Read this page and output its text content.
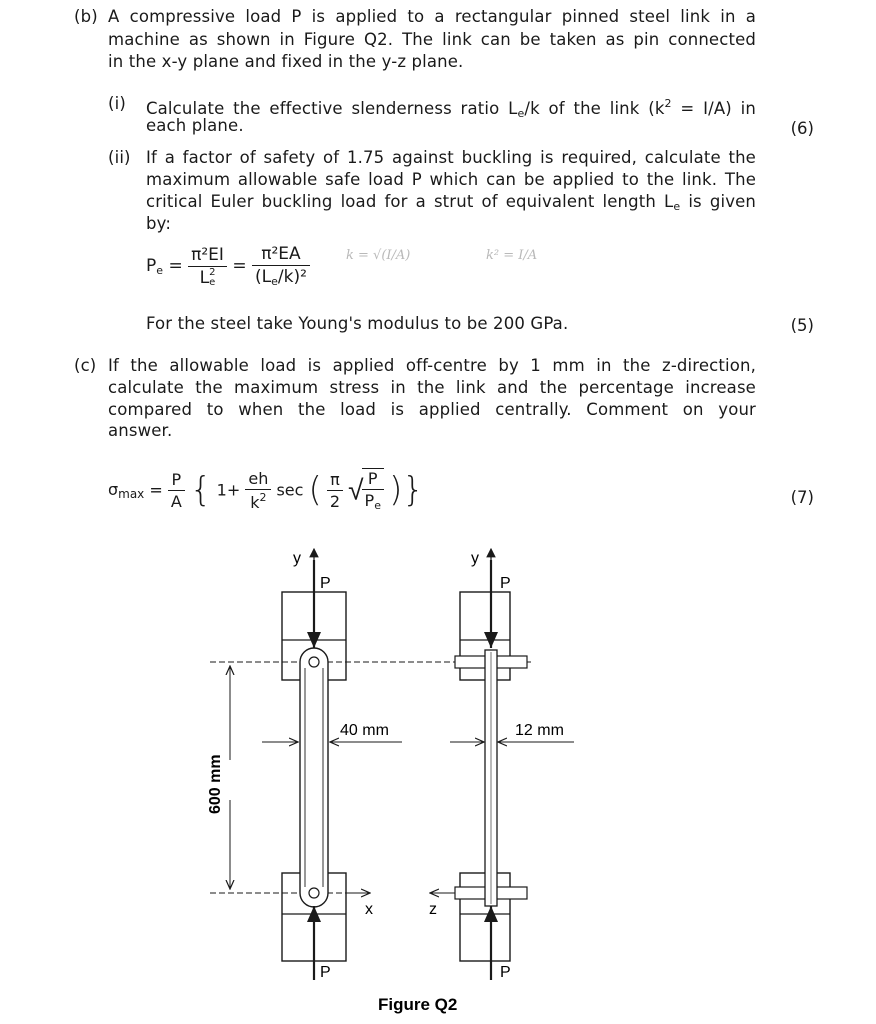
(b) A compressive load P is applied to a rectangular pinned steel link in a
machine as shown in Figure Q2. The link can be taken as pin connected
in the x-y plane and fixed in the y-z plane.
(i) Calculate the effective slenderness ratio $L_e/k$ of the link $(k^2 = I/A)$ in
each plane.	(6)
(ii) If a factor of safety of 1.75 against buckling is required, calculate the
maximum allowable safe load P which can be applied to the link. The
critical Euler buckling load for a strut of equivalent length $L_e$ is given
by:
$P_e = \pi^2EI$
L 2
$e = \frac{\text{π²EA}}{(L_e/k)^2}$	k = √(I/A)	k² = I/A
For the steel take Young's modulus to be 200 GPa.	(5)
(c) If the allowable load is applied off-centre by 1 mm in the z-direction,
calculate the maximum stress in the link and the percentage increase
compared to when the load is applied centrally. Comment on your
answer.
$\sigma_{max} = \frac{P}{A}$ { $1+ \frac{eh}{k^2}$ sec ( $\frac{\pi}{2}$ √
$\frac{P}{P_e}$ )}	(7)
y	y
P	P
P	P
x	z
40 mm	12 mm
600 mm
Figure Q2
